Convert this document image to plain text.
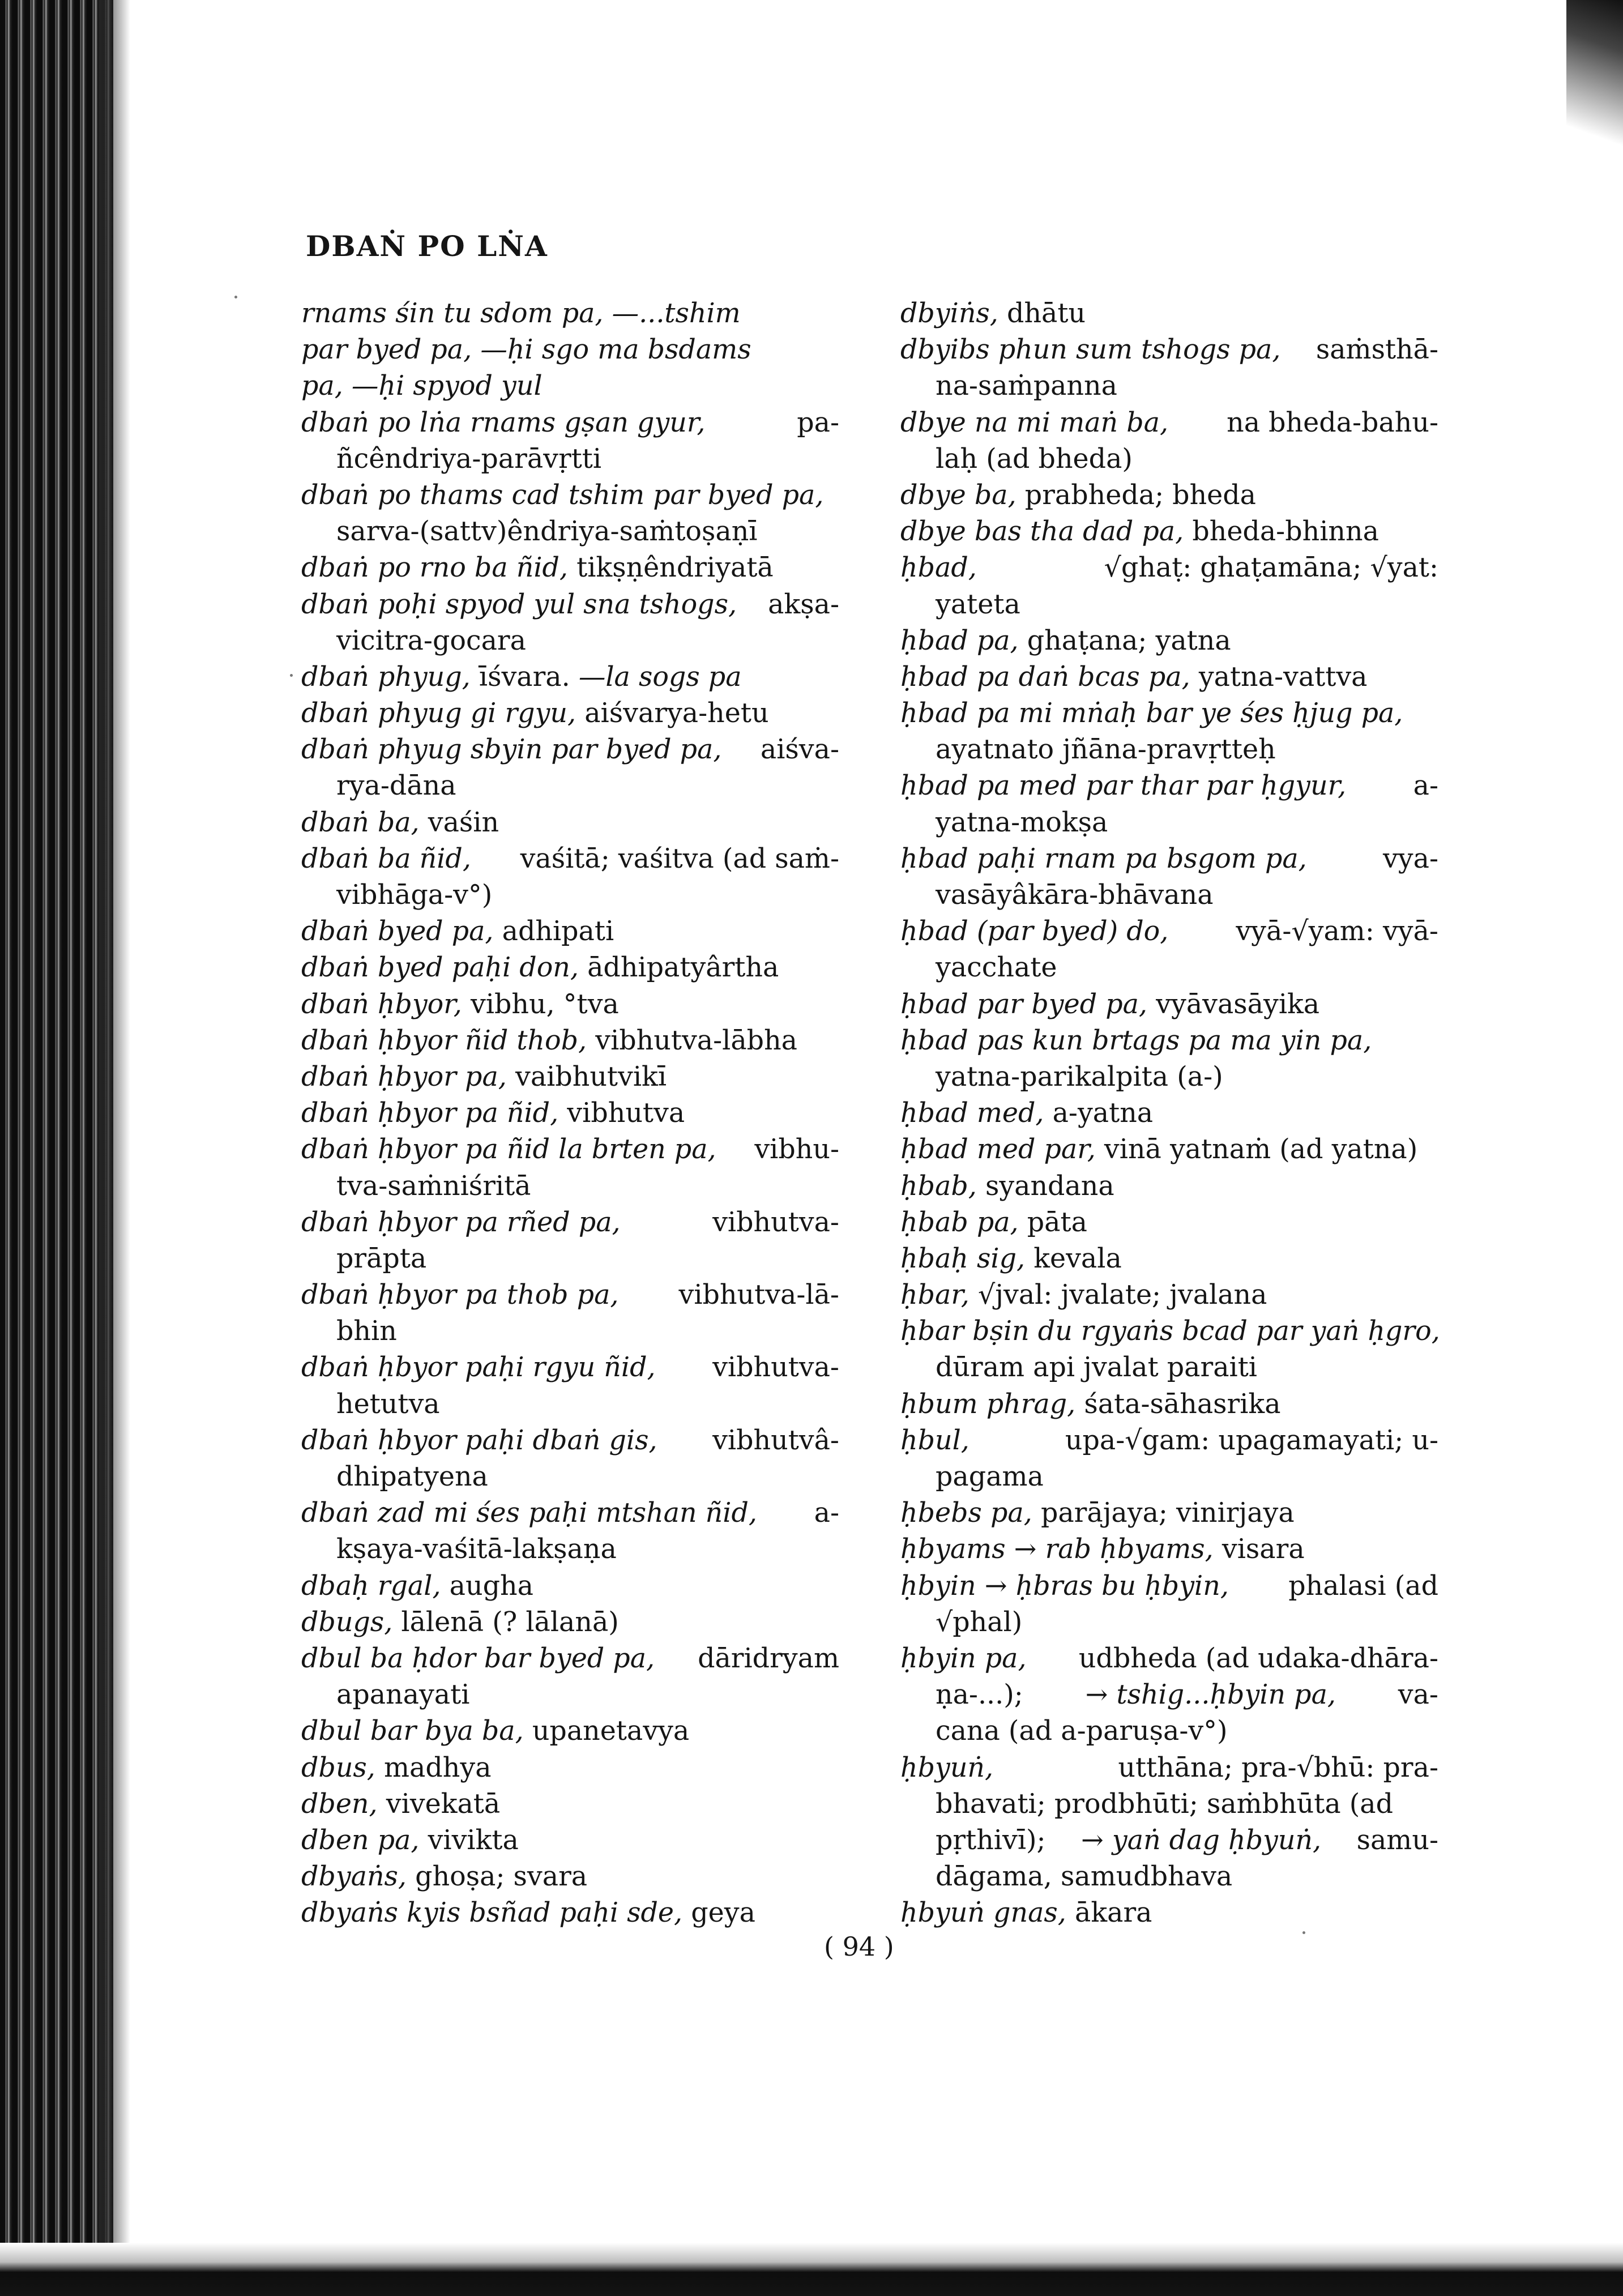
DBAṄ PO LṄA
rnams śin tu sdom pa, —...tshim
par byed pa, —ḥi sgo ma bsdams
pa, —ḥi spyod yul
dbaṅ po lṅa rnams gṣan gyur,	pa-
ñcêndriya-parāvṛtti
dbaṅ po thams cad tshim par byed pa,
sarva-(sattv)êndriya-saṁtoṣaṇī
dbaṅ po rno ba ñid, tikṣṇêndriyatā
dbaṅ poḥi spyod yul sna tshogs, akṣa-
vicitra-gocara
dbaṅ phyug, īśvara. —la sogs pa
dbaṅ phyug gi rgyu, aiśvarya-hetu
dbaṅ phyug sbyin par byed pa, aiśva-
rya-dāna
dbaṅ ba, vaśin
dbaṅ ba ñid, vaśitā; vaśitva (ad saṁ-
vibhāga-v°)
dbaṅ byed pa, adhipati
dbaṅ byed paḥi don, ādhipatyârtha
dbaṅ ḥbyor, vibhu, °tva
dbaṅ ḥbyor ñid thob, vibhutva-lābha
dbaṅ ḥbyor pa, vaibhutvikī
dbaṅ ḥbyor pa ñid, vibhutva
dbaṅ ḥbyor pa ñid la brten pa, vibhu-
tva-saṁniśritā
dbaṅ ḥbyor pa rñed pa,	vibhutva-
prāpta
dbaṅ ḥbyor pa thob pa, vibhutva-lā-
bhin
dbaṅ ḥbyor paḥi rgyu ñid, vibhutva-
hetutva
dbaṅ ḥbyor paḥi dbaṅ gis, vibhutvâ-
dhipatyena
dbaṅ zad mi śes paḥi mtshan ñid, a-
kṣaya-vaśitā-lakṣaṇa
dbaḥ rgal, augha
dbugs, lālenā (? lālanā)
dbul ba ḥdor bar byed pa, dāridryam
apanayati
dbul bar bya ba, upanetavya
dbus, madhya
dben, vivekatā
dben pa, vivikta
dbyaṅs, ghoṣa; svara
dbyaṅs kyis bsñad paḥi sde, geya
dbyiṅs, dhātu
dbyibs phun sum tshogs pa, saṁsthā-
na-saṁpanna
dbye na mi maṅ ba, na bheda-bahu-
laḥ (ad bheda)
dbye ba, prabheda; bheda
dbye bas tha dad pa, bheda-bhinna
ḥbad,	√ghaṭ: ghaṭamāna; √yat:
yateta
ḥbad pa, ghaṭana; yatna
ḥbad pa daṅ bcas pa, yatna-vattva
ḥbad pa mi mṅaḥ bar ye śes ḥjug pa,
ayatnato jñāna-pravṛtteḥ
ḥbad pa med par thar par ḥgyur, a-
yatna-mokṣa
ḥbad paḥi rnam pa bsgom pa,	vya-
vasāyâkāra-bhāvana
ḥbad (par byed) do,	vyā-√yam: vyā-
yacchate
ḥbad par byed pa, vyāvasāyika
ḥbad pas kun brtags pa ma yin pa,
yatna-parikalpita (a-)
ḥbad med, a-yatna
ḥbad med par, vinā yatnaṁ (ad yatna)
ḥbab, syandana
ḥbab pa, pāta
ḥbaḥ sig, kevala
ḥbar, √jval: jvalate; jvalana
ḥbar bṣin du rgyaṅs bcad par yaṅ ḥgro,
dūram api jvalat paraiti
ḥbum phrag, śata-sāhasrika
ḥbul,	upa-√gam: upagamayati; u-
pagama
ḥbebs pa, parājaya; vinirjaya
ḥbyams → rab ḥbyams, visara
ḥbyin → ḥbras bu ḥbyin, phalasi (ad
√phal)
ḥbyin pa, udbheda (ad udaka-dhāra-
ṇa-...); → tshig...ḥbyin pa, va-
cana (ad a-paruṣa-v°)
ḥbyuṅ,	utthāna; pra-√bhū: pra-
bhavati; prodbhūti; saṁbhūta (ad
pṛthivī); → yaṅ dag ḥbyuṅ, samu-
dāgama, samudbhava
ḥbyuṅ gnas, ākara
( 94 )
